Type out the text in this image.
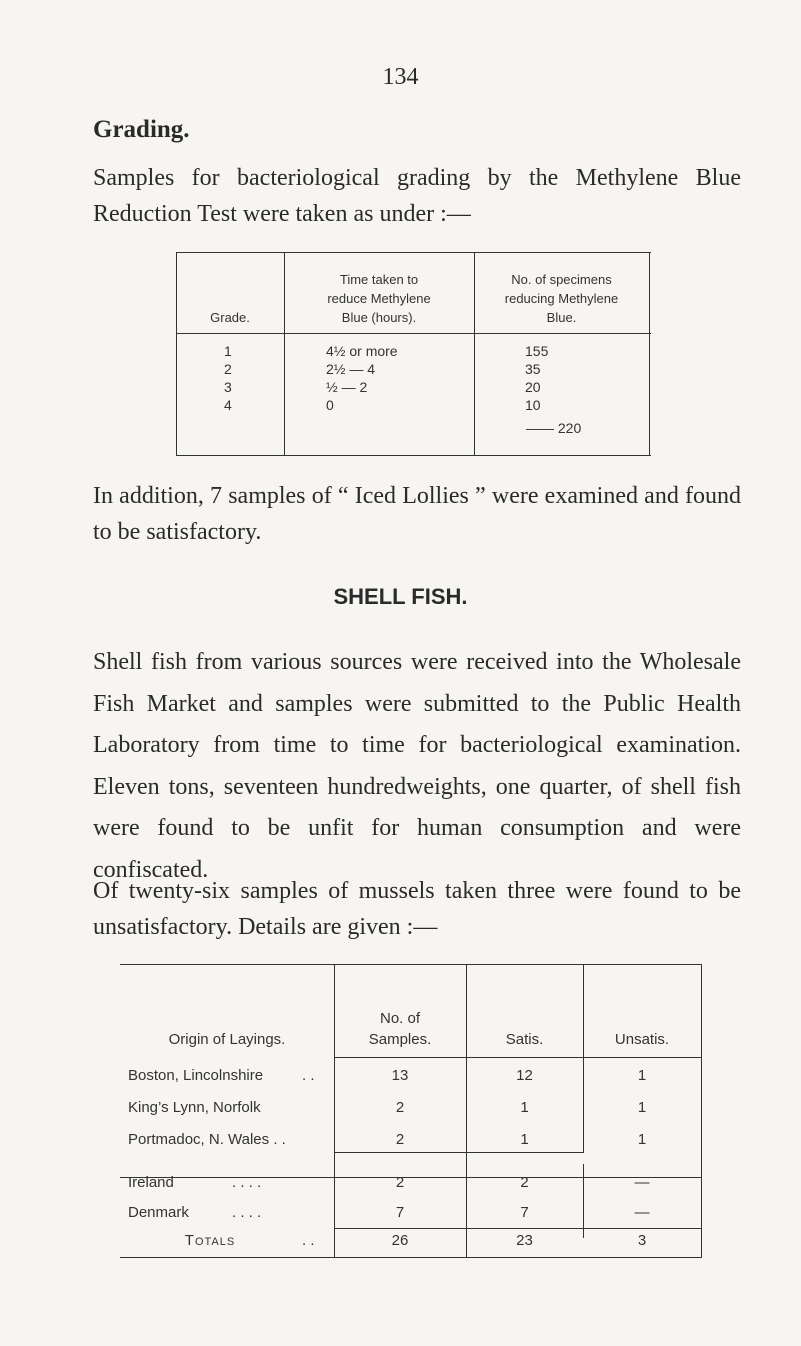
134
Grading.
Samples for bacteriological grading by the Methylene Blue Reduction Test were taken as under :—
Grade.
Time taken to
reduce Methylene
Blue (hours).
No. of specimens
reducing Methylene
Blue.
1	4½ or more	155
2	2½ — 4	35
3	½ — 2	20
4	0	10
—— 220
In addition, 7 samples of “ Iced Lollies ” were examined and found to be satisfactory.
SHELL FISH.
Shell fish from various sources were received into the Wholesale Fish Market and samples were submitted to the Public Health Laboratory from time to time for bacteriological examination. Eleven tons, seventeen hundredweights, one quarter, of shell fish were found to be unfit for human consumption and were confiscated.
Of twenty-six samples of mussels taken three were found to be unsatisfactory. Details are given :—
Origin of Layings.
No. of
Samples.	Satis.	Unsatis.
Boston, Lincolnshire	. .	13	12	1
King’s Lynn, Norfolk	2	1	1
Portmadoc, N. Wales . .	2	1	1
Ireland	. . . .	2	2	—
Denmark	. . . .	7	7	—
Totals	. .	26	23	3
